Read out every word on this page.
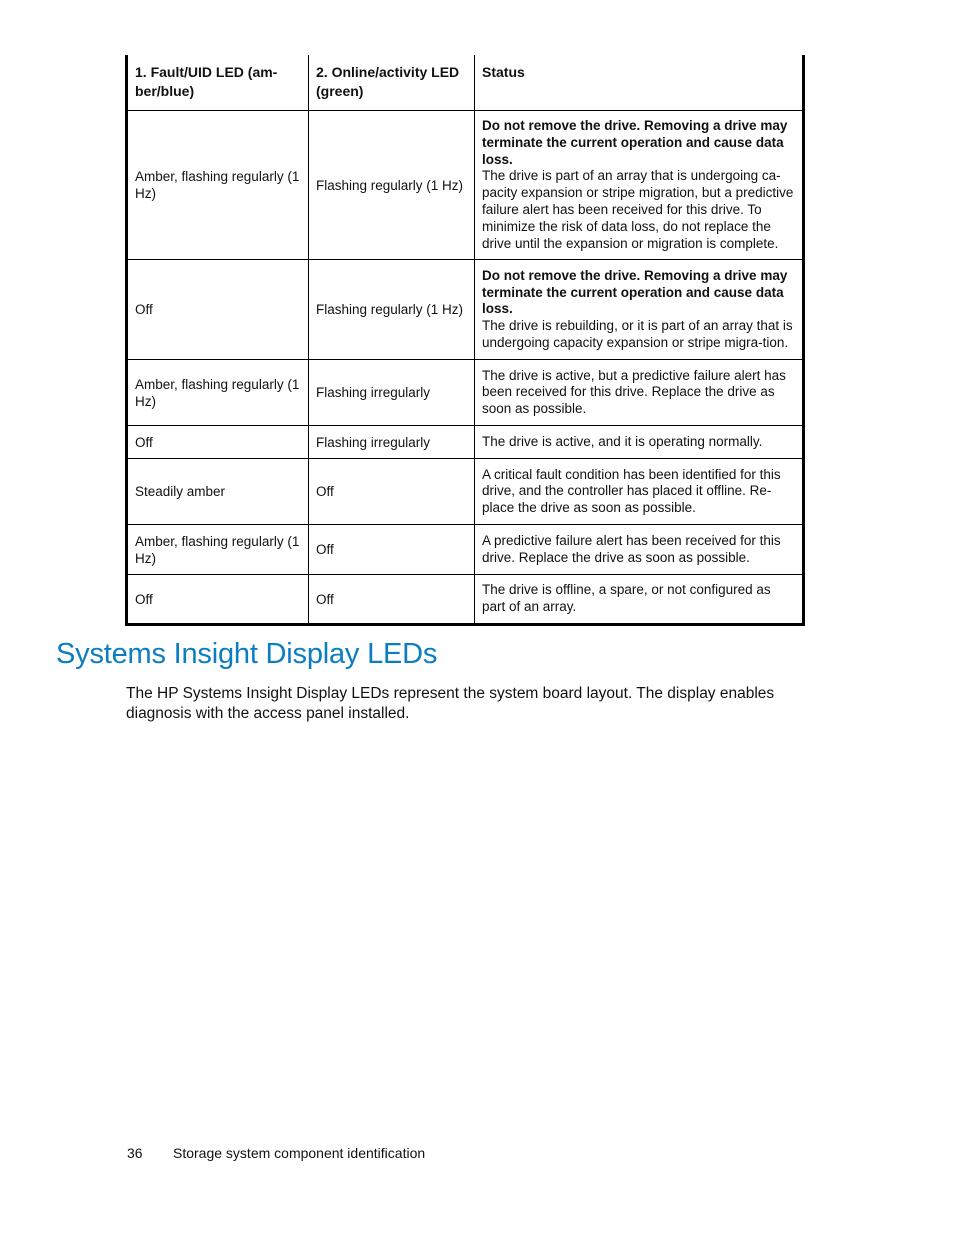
1. Fault/UID LED (am-ber/blue)	2. Online/activity LED (green)	Status
Amber, flashing regularly (1 Hz)	Flashing regularly (1 Hz)	Do not remove the drive. Removing a drive may terminate the current operation and cause data loss.
The drive is part of an array that is undergoing ca-pacity expansion or stripe migration, but a predictive failure alert has been received for this drive. To minimize the risk of data loss, do not replace the drive until the expansion or migration is complete.
Off	Flashing regularly (1 Hz)	Do not remove the drive. Removing a drive may terminate the current operation and cause data loss.
The drive is rebuilding, or it is part of an array that is undergoing capacity expansion or stripe migra-tion.
Amber, flashing regularly (1 Hz)	Flashing irregularly	The drive is active, but a predictive failure alert has been received for this drive. Replace the drive as soon as possible.
Off	Flashing irregularly	The drive is active, and it is operating normally.
Steadily amber	Off	A critical fault condition has been identified for this drive, and the controller has placed it offline. Re-place the drive as soon as possible.
Amber, flashing regularly (1 Hz)	Off	A predictive failure alert has been received for this drive. Replace the drive as soon as possible.
Off	Off	The drive is offline, a spare, or not configured as part of an array.
Systems Insight Display LEDs

The HP Systems Insight Display LEDs represent the system board layout. The display enables diagnosis with the access panel installed.

36 Storage system component identification
